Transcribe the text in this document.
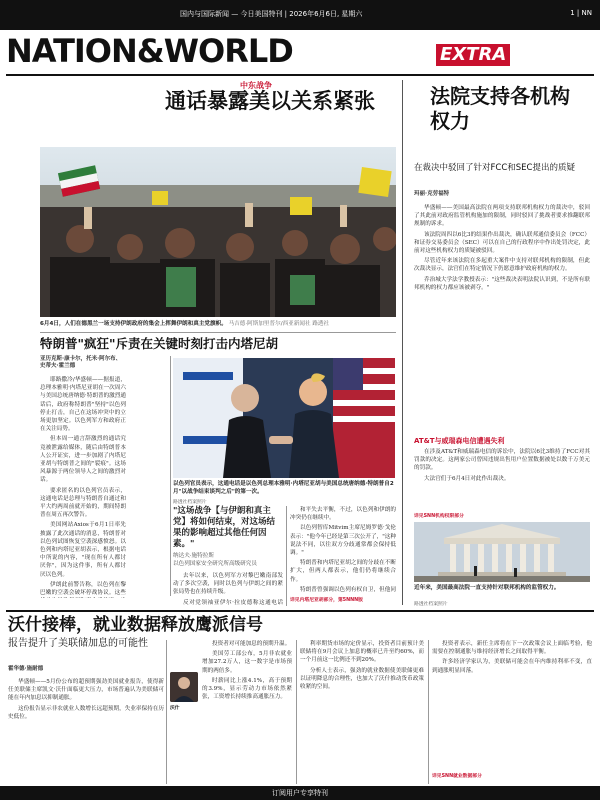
国内与国际新闻 — 今日美国特刊 | 2026年6月6日, 星期六	1 | NN
NATION&WORLD	EXTRA
中东战争
通话暴露美以关系紧张
6月4日，人们在德黑兰一场支持伊朗政府的集会上挥舞伊朗和真主党旗帜。 马吉德·阿斯加里普尔/西亚新闻社 路透社
特朗普"疯狂"斥责在关键时刻打击内塔尼胡
亚历克斯·康卡尔，托米·阿尔布、史蒂夫·霍兰德

耶路撒冷/华盛顿——据报道，总理本雅明·内塔尼亚胡在一次周六与美国总统唐纳德·特朗普的激烈通话后，政府称特朗普"坚持"以色列停止打击，自己在这场冲突中的立场更加坚定。以色列军方和政府正在关注局势。

但本周一通言辞激烈的通话究竟被泄露给媒体，随后由特朗普本人公开证实，进一步加剧了内塔尼亚胡与特朗普之间的"裂痕"。这场风暴源于两位领导人之间的激烈对话。

要求匿名的以色列官员表示，这通电话是总理与特朗普自通过和平大约两周前就开始的，期间特朗普在周五再次警告。

美国网站Axios于6月1日率先披露了此次通话的消息，特朗普对以色列试图恢复空袭深感愤怒。以色列和内塔尼亚胡表示，根据电话中所说的内容，"现在所有人都讨厌你"，因为这件事，所有人都讨厌以色列。

伊朗此前警告称，以色列在黎巴嫩的空袭会破坏停战协议。这些

以色列官员表示，这通电话是以色列总理本雅明·内塔尼亚胡与美国总统唐纳德·特朗普自2月"以战争结束谈判之后"的第一次。
路透社档案照片
"这场战争【与伊朗和真主党】将如何结束，对这场结果的影响超过其他任何因素。"
纳达夫·施特拉斯
以色列国家安全研究所高级研究员

去年以来，以色列军方对黎巴嫩南部发动了多次空袭，同时以色列与伊朗之间的紧张局势也在持续升级。

反对党领袖亚伊尔·拉皮德称这通电话

和平失去平衡，不过，以色列和伊朗的冲突仍在继续中。

以色列智库Mitvim主席尼姆罗德·戈伦表示："他今年已经是第三次公开了，"这种说法不同，以往双方分歧通常都会保持低调。"

特朗普和内塔尼亚胡之间的分歧在不断扩大，但两人都表示，他们仍将继续合作。

特朗普曾强调以色列有权自卫，但他同

详见内塔尼亚胡部分，第5NNN版
法院支持各机构权力
在裁决中驳回了针对FCC和SEC提出的质疑
玛丽·克劳福特

华盛顿——美国最高法院在两项支持联邦机构权力的裁决中，驳回了其此前对政府监管机构施加的限制，同时驳回了挑战者要求推翻联邦规制的诉求。

该法院周四以6比3的结果作出裁决，确认联邦通信委员会（FCC）和证券交易委员会（SEC）可以在自己的行政程序中作出处罚决定，此前对这些机构权力的质疑被驳回。

尽管近年来该法院在多起重大案件中支持对联邦机构的限制，但此次裁决显示，法官们在特定情况下仍愿意维护政府机构的权力。

乔治城大学法学教授表示："这些裁决表明法院认识到，不是所有联邦机构的权力都应该被剥夺。"

AT&T与威瑞森电信遭遇失利

在涉及AT&T和威瑞森电信的诉讼中，法院以6比3维持了FCC对其罚款的决定。这两家公司曾因违规出售用户位置数据被处以数千万美元的罚款。

大法官们于6月4日对此作出裁决。

详见SNN机构权限部分
近年来，美国最高法院一直支持针对联邦机构的监管权力。
路透社档案照片
沃什接棒，就业数据释放鹰派信号
报告提升了美联储加息的可能性
霍华德·施耐德

华盛顿——5月份公布的超预期强劲美国就业报告，使得新任美联储主席凯文·沃什面临更大压力，市场普遍认为美联储可能在年内加息以抑制通胀。

这份报告显示非农就业人数增长远超预期，失业率保持在历史低位。

沃什

投资者对可能加息的预期升温。

美国劳工部公布，5月非农就业增加27.2万人，这一数字是市场预期的两倍多。

时薪同比上涨4.1%，高于预期的3.9%，显示劳动力市场依然紧张，工资增长持续推高通胀压力。

利率期货市场的定价显示，投资者目前预计美联储将在9月会议上加息的概率已升至约60%，而一个月前这一比例还不到20%。

分析人士表示，强劲的就业数据使美联储更难以证明降息的合理性，也加大了沃什推动货币政策收紧的空间。

投资者表示，新任主席将在下一次政策会议上面临考验，他需要在控制通胀与维持经济增长之间取得平衡。

许多经济学家认为，美联储可能会在年内维持利率不变，直到通胀明显回落。

详见SNN就业数据部分
订阅用户专享特刊
